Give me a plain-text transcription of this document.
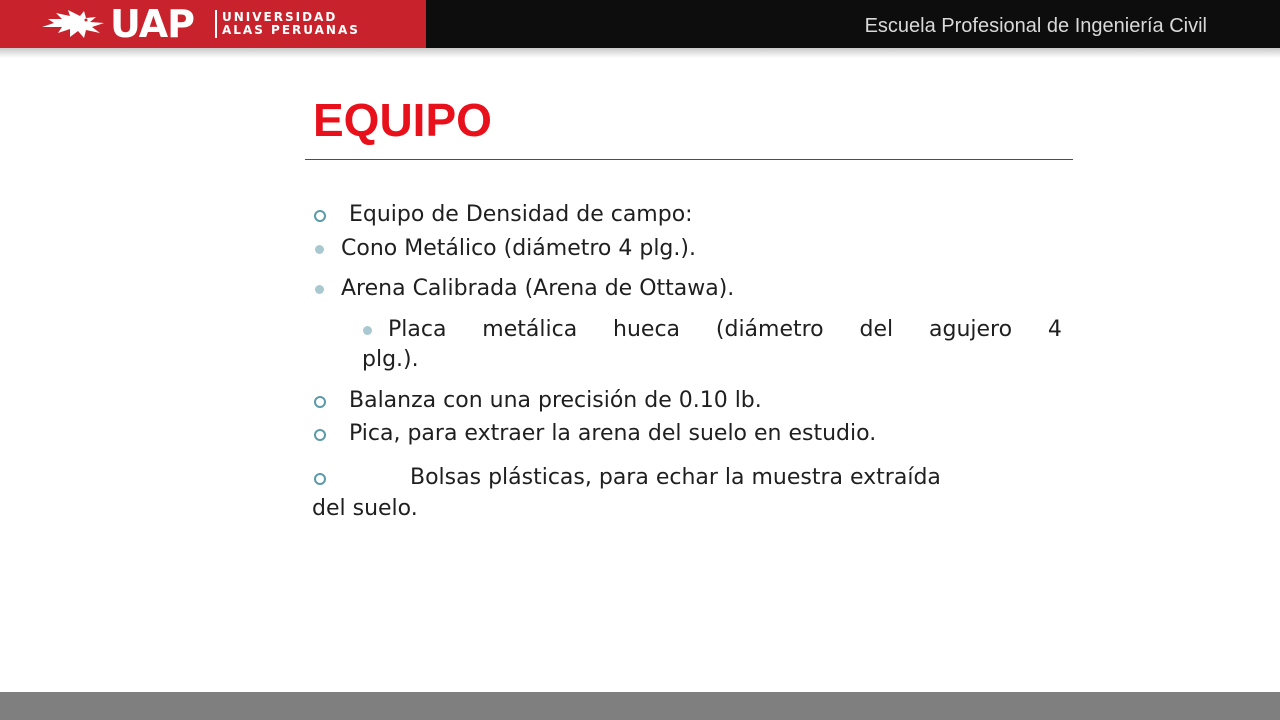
UAP UNIVERSIDAD
ALAS PERUANAS	Escuela Profesional de Ingeniería Civil
EQUIPO
Equipo de Densidad de campo:
Cono Metálico (diámetro 4 plg.).
Arena Calibrada (Arena de Ottawa).
Placa metálica hueca (diámetro del agujero 4
plg.).
Balanza con una precisión de 0.10 lb.
Pica, para extraer la arena del suelo en estudio.
Bolsas plásticas, para echar la muestra extraída
del suelo.
